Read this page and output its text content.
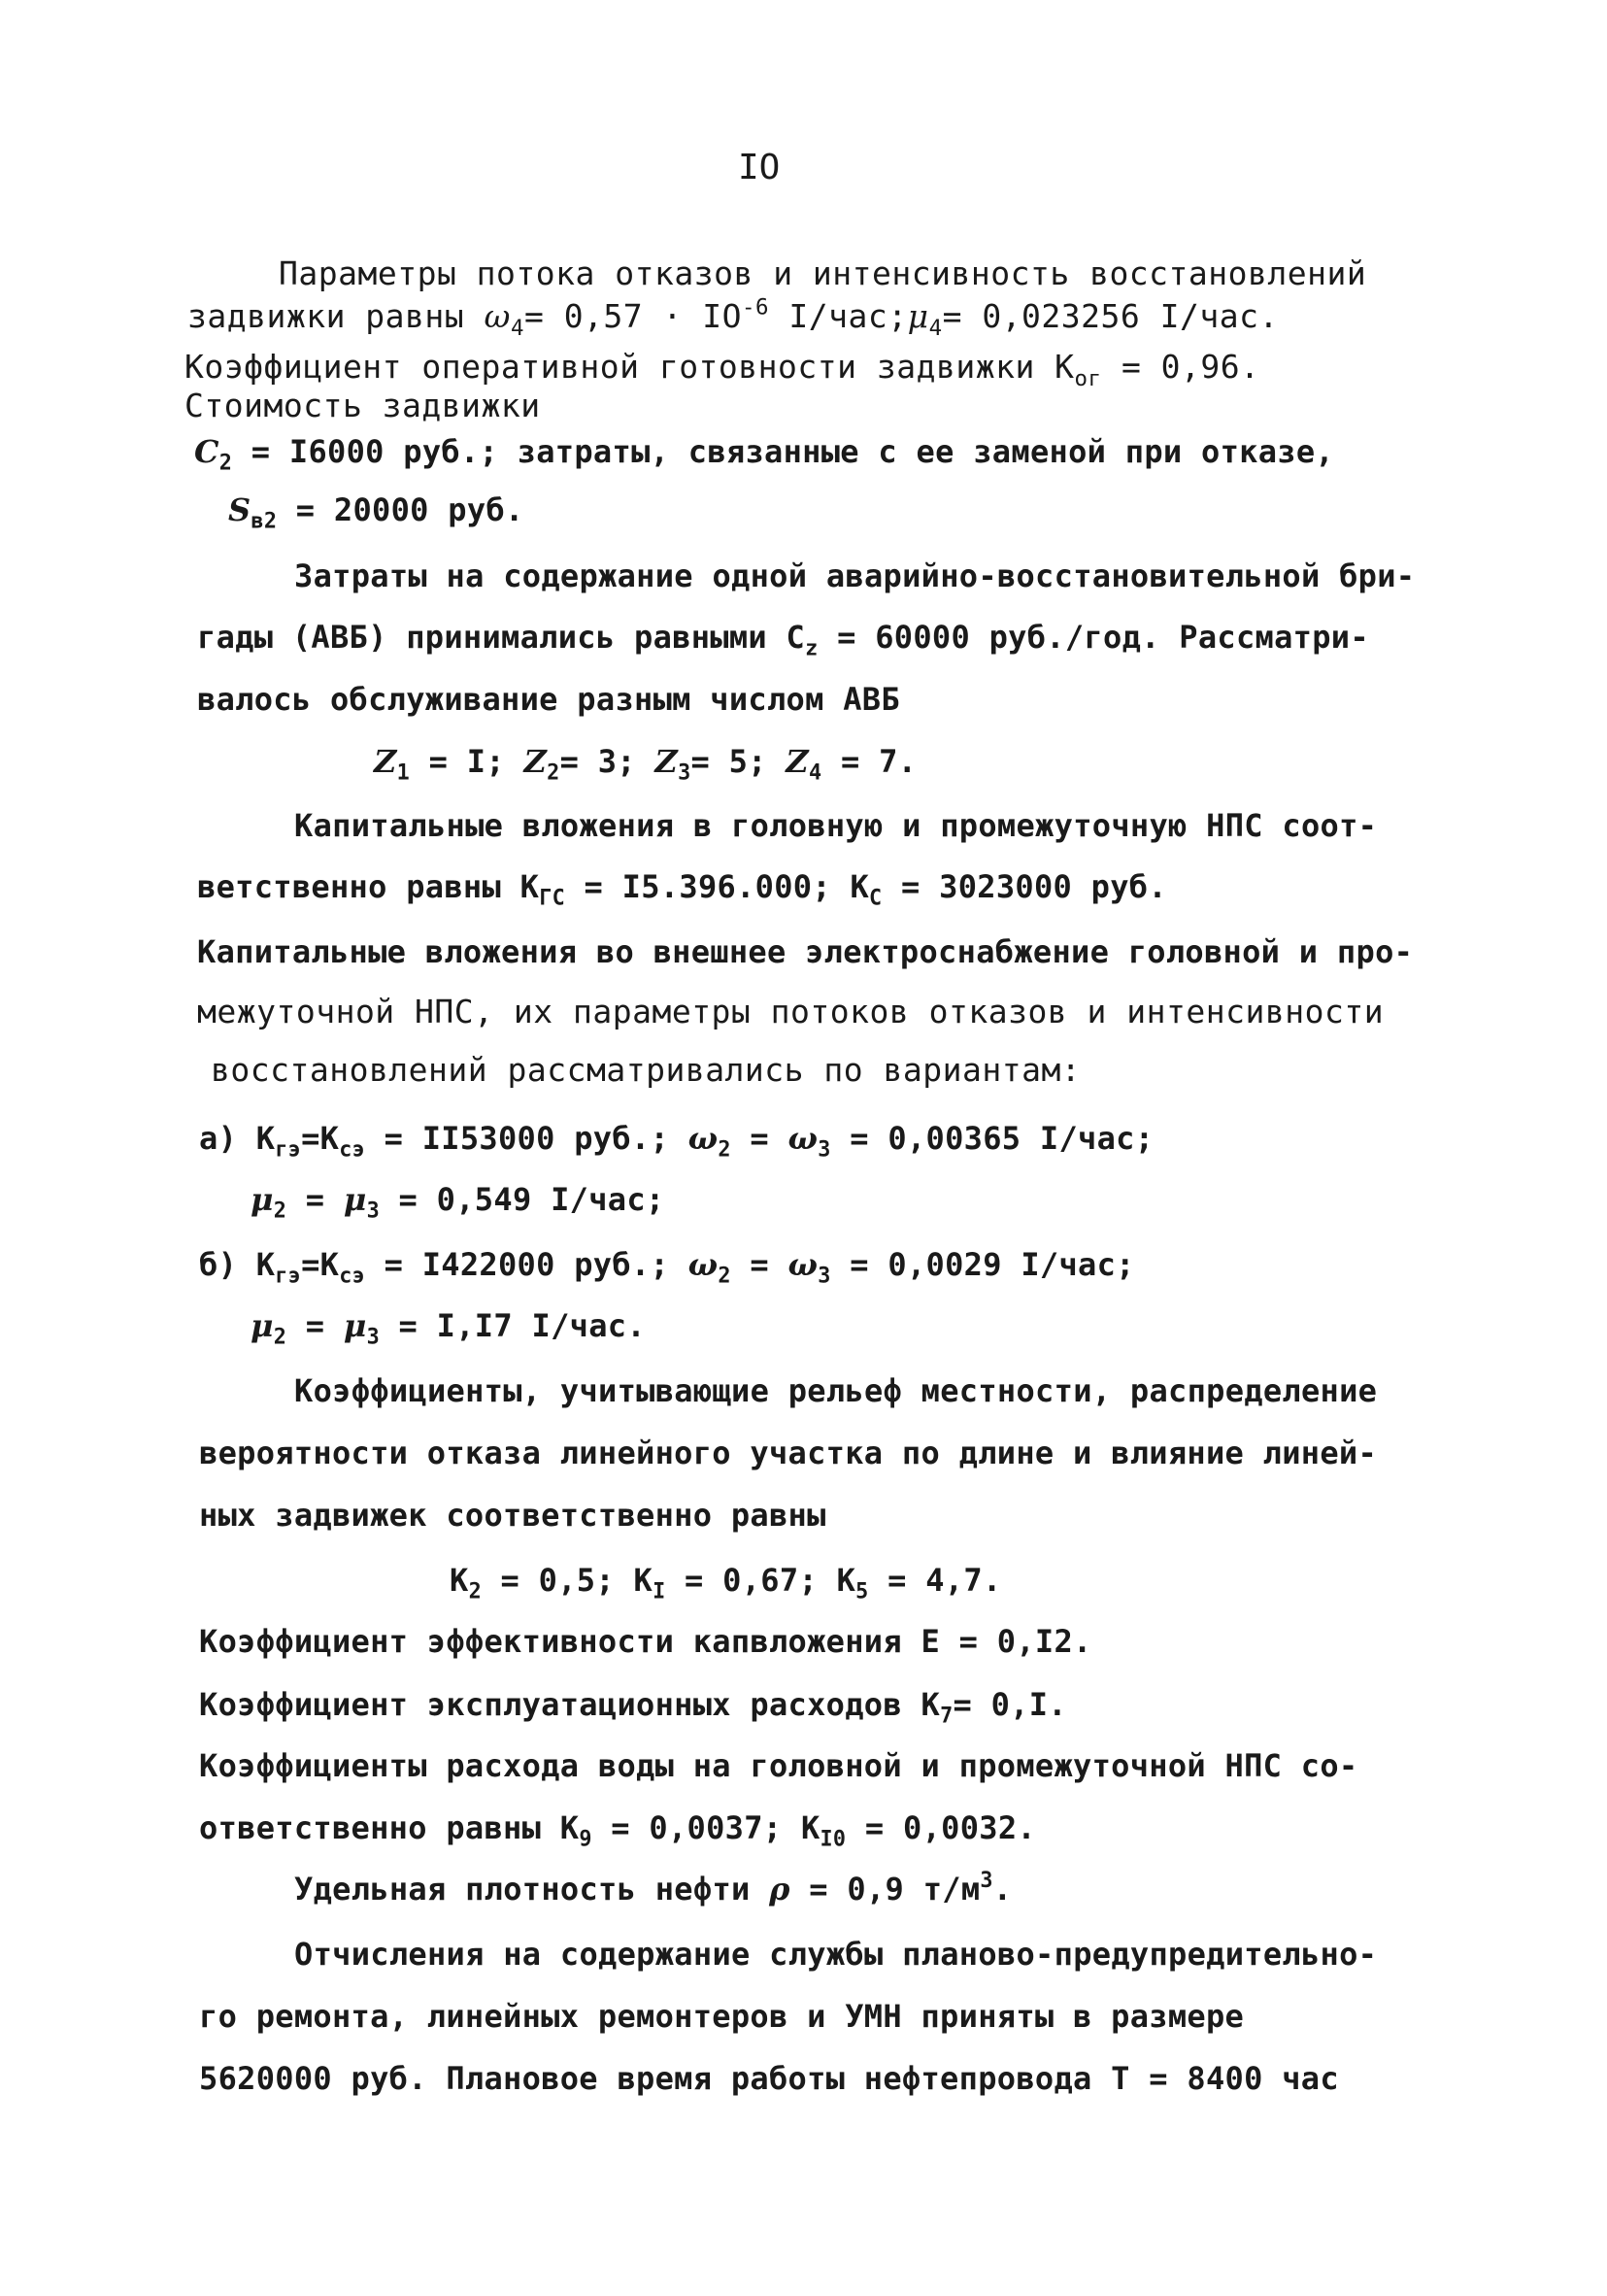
IO
Параметры потока отказов и интенсивность восстановлений
задвижки равны $\omega_4= 0,57 \cdot IO^{-6}$ $I/час;\mu_4= 0,023256$ I/час.
Коэффициент оперативной готовности задвижки $К_{ог} = 0,96$.
Стоимость задвижки
$С_2 = I6000$ руб.; затраты, связанные с ее заменой при отказе,
$S_{в2} = 20000$ руб.
Затраты на содержание одной аварийно-восстановительной бри-
гады (АВБ) принимались равными $С_z = 60000$ руб./год. Рассматри-
валось обслуживание разным числом АВБ
$Z_1 = I$; $Z_2= 3$; $Z_3= 5$; $Z_4 = 7$.
Капитальные вложения в головную и промежуточную НПС соот-
ветственно равны $К_{ГС} = I5.396.000$; $К_С = 3023000$ руб.
Капитальные вложения во внешнее электроснабжение головной и про-
межуточной НПС, их параметры потоков отказов и интенсивности
восстановлений рассматривались по вариантам:
а) $К_{гэ}=К_{сэ} = II53000$ руб.; $\omega_2 = \omega_3 = 0,00365$ I/час;
$\mu_2 = \mu_3 = 0,549$ I/час;
б) $К_{гэ}=К_{сэ} = I422000$ руб.; $\omega_2 = \omega_3 = 0,0029$ I/час;
$\mu_2 = \mu_3 = I,I7$ I/час.
Коэффициенты, учитывающие рельеф местности, распределение
вероятности отказа линейного участка по длине и влияние линей-
ных задвижек соответственно равны
$К_2 = 0,5$; $К_I = 0,67$; $К_5 = 4,7$.
Коэффициент эффективности капвложения Е = 0,I2.
Коэффициент эксплуатационных расходов $К_7= 0,I$.
Коэффициенты расхода воды на головной и промежуточной НПС со-
ответственно равны $К_9 = 0,0037$; $К_{I0} = 0,0032$.
Удельная плотность нефти ρ = 0,9 $т/м^3$.
Отчисления на содержание службы планово-предупредительно-
го ремонта, линейных ремонтеров и УМН приняты в размере
5620000 руб. Плановое время работы нефтепровода Т = 8400 час
